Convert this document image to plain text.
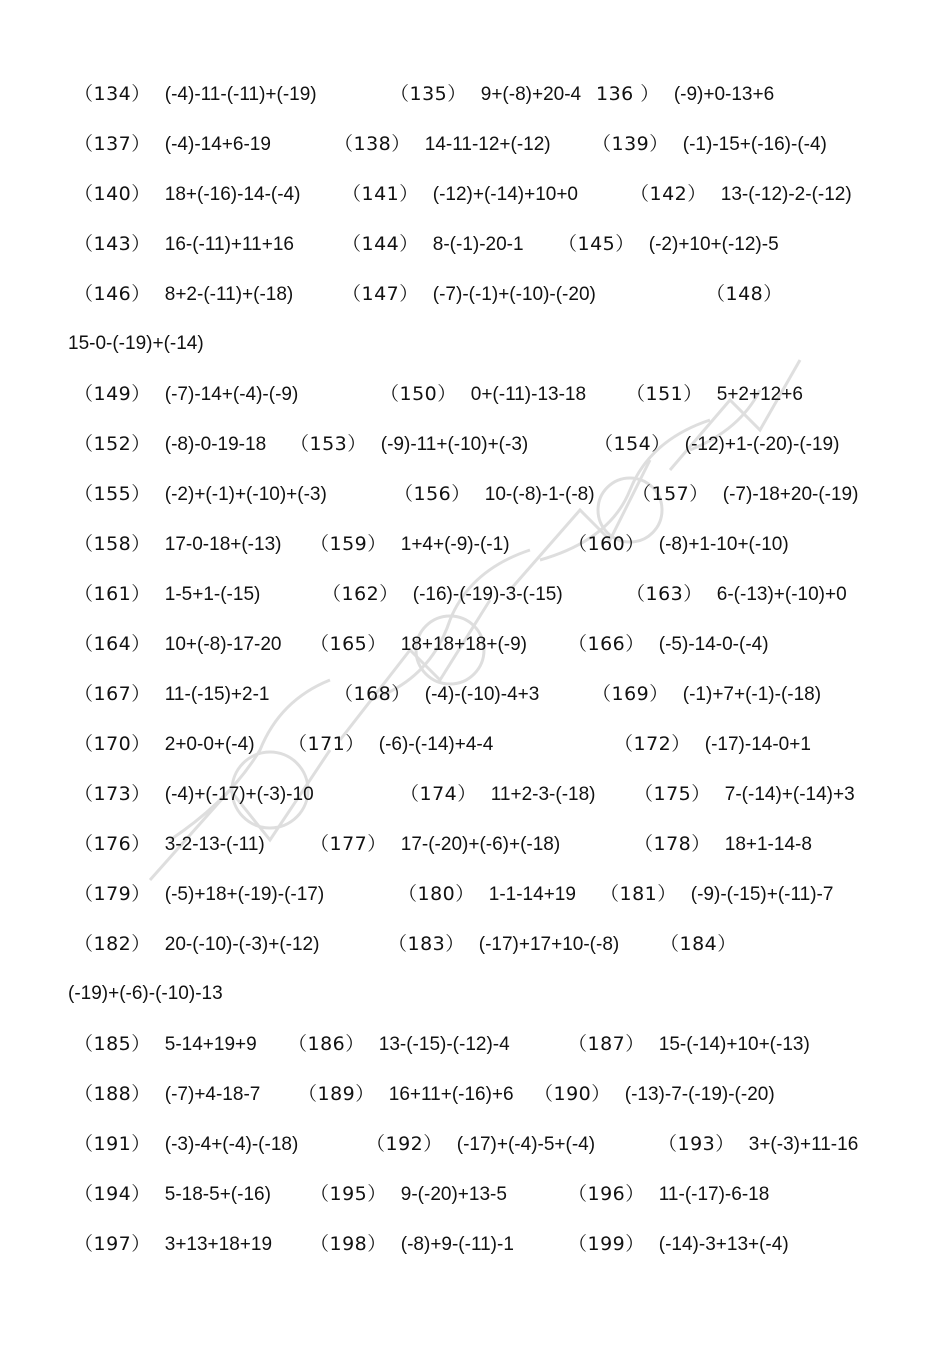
（134） (-4)-11-(-11)+(-19)	（135） 9+(-8)+20-4 136 ） (-9)+0-13+6
（137） (-4)-14+6-19	（138） 14-11-12+(-12) （139） (-1)-15+(-16)-(-4)
（140） 18+(-16)-14-(-4) （141） (-12)+(-14)+10+0	（142） 13-(-12)-2-(-12)
（143） 16-(-11)+11+16	（144） 8-(-1)-20-1 （145） (-2)+10+(-12)-5
（146） 8+2-(-11)+(-18)	（147） (-7)-(-1)+(-10)-(-20)	（148）
15-0-(-19)+(-14)
（149） (-7)-14+(-4)-(-9)	（150） 0+(-11)-13-18 （151） 5+2+12+6
（152） (-8)-0-19-18 （153） (-9)-11+(-10)+(-3)	（154） (-12)+1-(-20)-(-19)
（155） (-2)+(-1)+(-10)+(-3)	（156） 10-(-8)-1-(-8) （157） (-7)-18+20-(-19)
（158） 17-0-18+(-13) （159） 1+4+(-9)-(-1)	（160） (-8)+1-10+(-10)
（161） 1-5+1-(-15)	（162） (-16)-(-19)-3-(-15)	（163） 6-(-13)+(-10)+0
（164） 10+(-8)-17-20 （165） 18+18+18+(-9) （166） (-5)-14-0-(-4)
（167） 11-(-15)+2-1	（168） (-4)-(-10)-4+3	（169） (-1)+7+(-1)-(-18)
（170） 2+0-0+(-4) （171） (-6)-(-14)+4-4	（172） (-17)-14-0+1
（173） (-4)+(-17)+(-3)-10	（174） 11+2-3-(-18) （175） 7-(-14)+(-14)+3
（176） 3-2-13-(-11) （177） 17-(-20)+(-6)+(-18)	（178） 18+1-14-8
（179） (-5)+18+(-19)-(-17)	（180） 1-1-14+19 （181） (-9)-(-15)+(-11)-7
（182） 20-(-10)-(-3)+(-12)	（183） (-17)+17+10-(-8) （184）
(-19)+(-6)-(-10)-13
（185） 5-14+19+9 （186） 13-(-15)-(-12)-4	（187） 15-(-14)+10+(-13)
（188） (-7)+4-18-7 （189） 16+11+(-16)+6 （190） (-13)-7-(-19)-(-20)
（191） (-3)-4+(-4)-(-18)	（192） (-17)+(-4)-5+(-4)	（193） 3+(-3)+11-16
（194） 5-18-5+(-16) （195） 9-(-20)+13-5	（196） 11-(-17)-6-18
（197） 3+13+18+19 （198） (-8)+9-(-11)-1	（199） (-14)-3+13+(-4)
